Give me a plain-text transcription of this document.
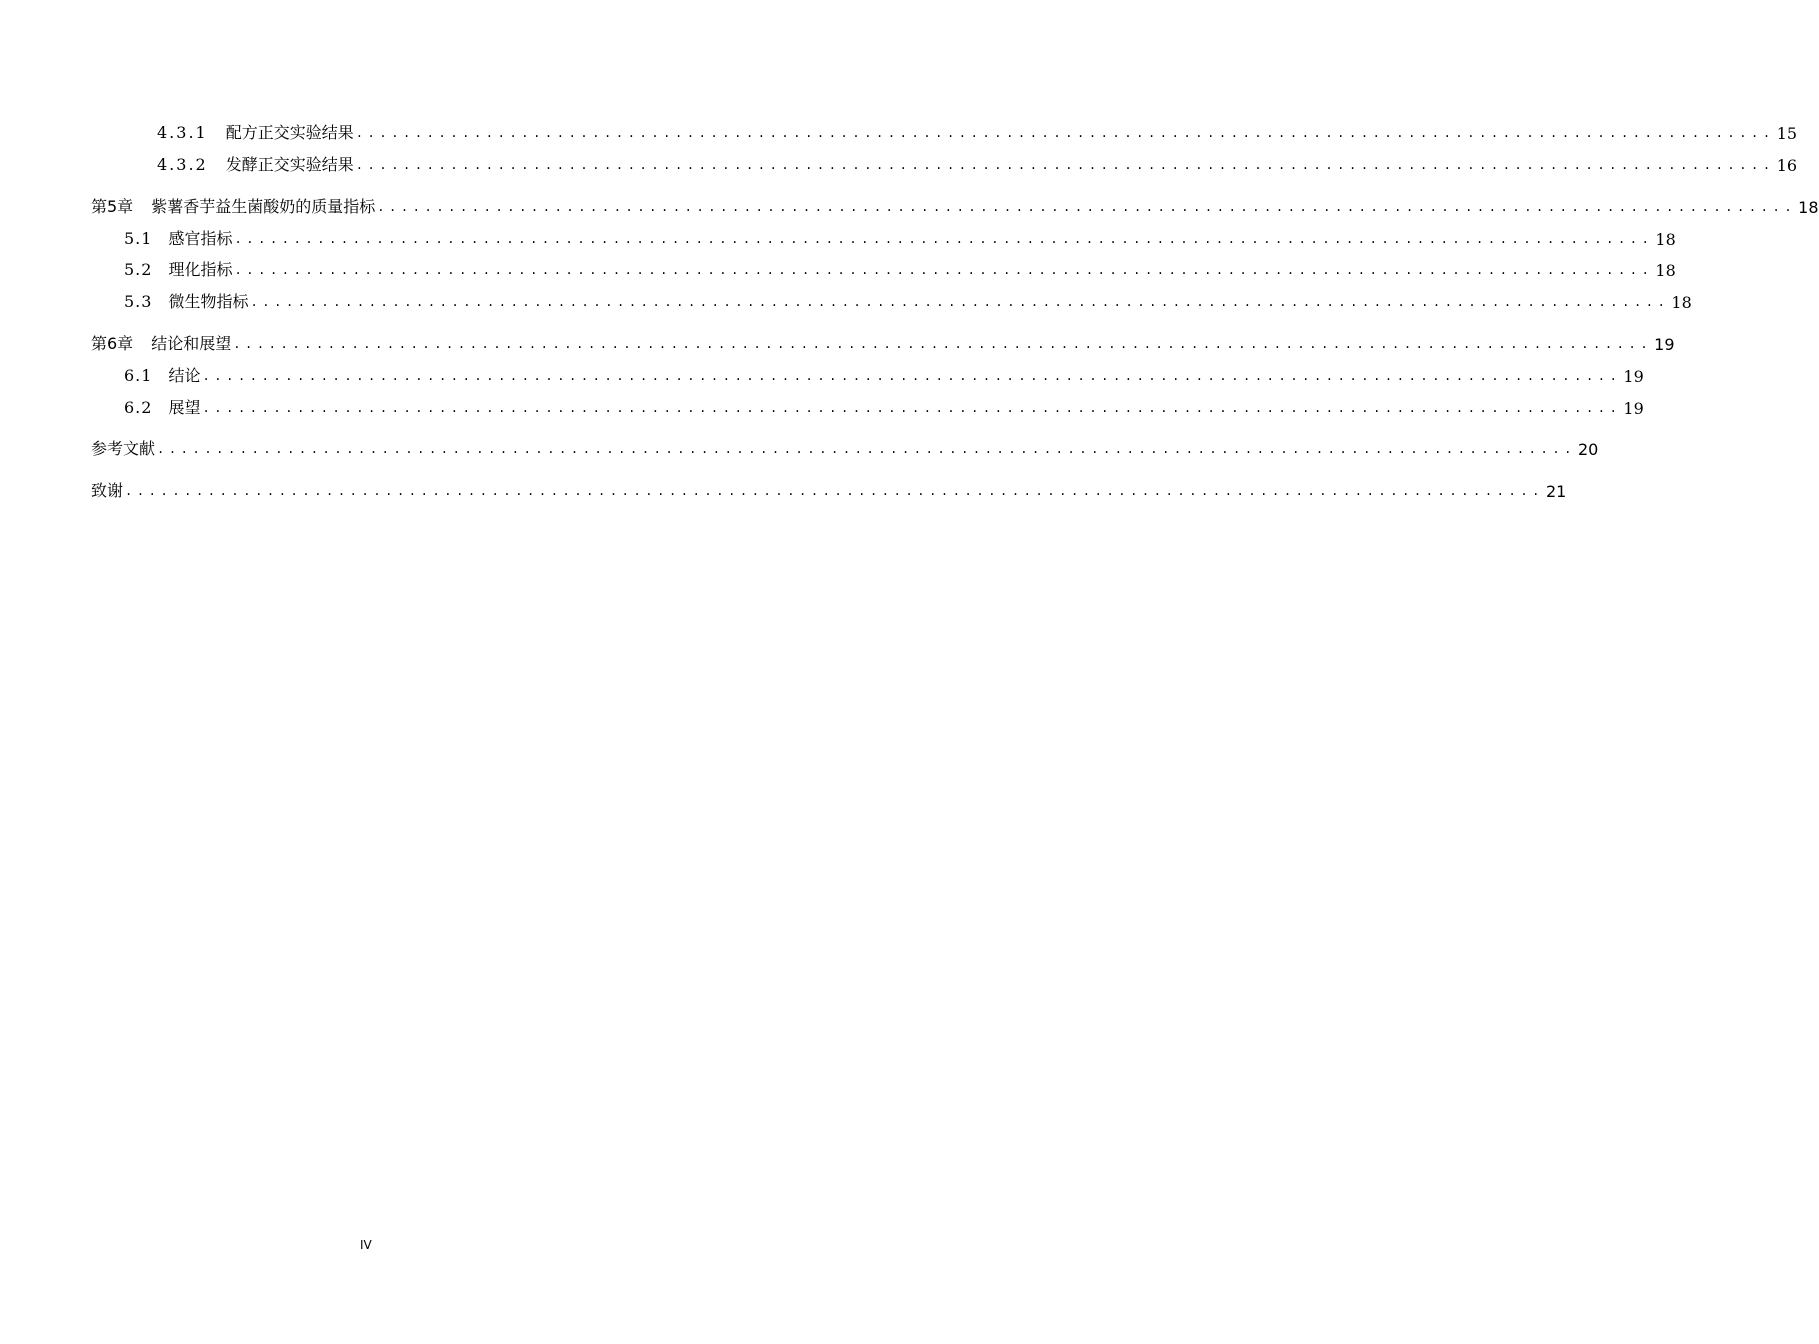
4.3.1 配方正交实验结果 ........................................................................................................................ 15
4.3.2 发酵正交实验结果 ........................................................................................................................ 16
第5章 紫薯香芋益生菌酸奶的质量指标 ........................................................................................................................ 18
5.1 感官指标 ........................................................................................................................ 18
5.2 理化指标 ........................................................................................................................ 18
5.3 微生物指标 ........................................................................................................................ 18
第6章 结论和展望 ........................................................................................................................ 19
6.1 结论 ........................................................................................................................ 19
6.2 展望 ........................................................................................................................ 19
参考文献 ........................................................................................................................ 20
致谢 ........................................................................................................................ 21
IV
